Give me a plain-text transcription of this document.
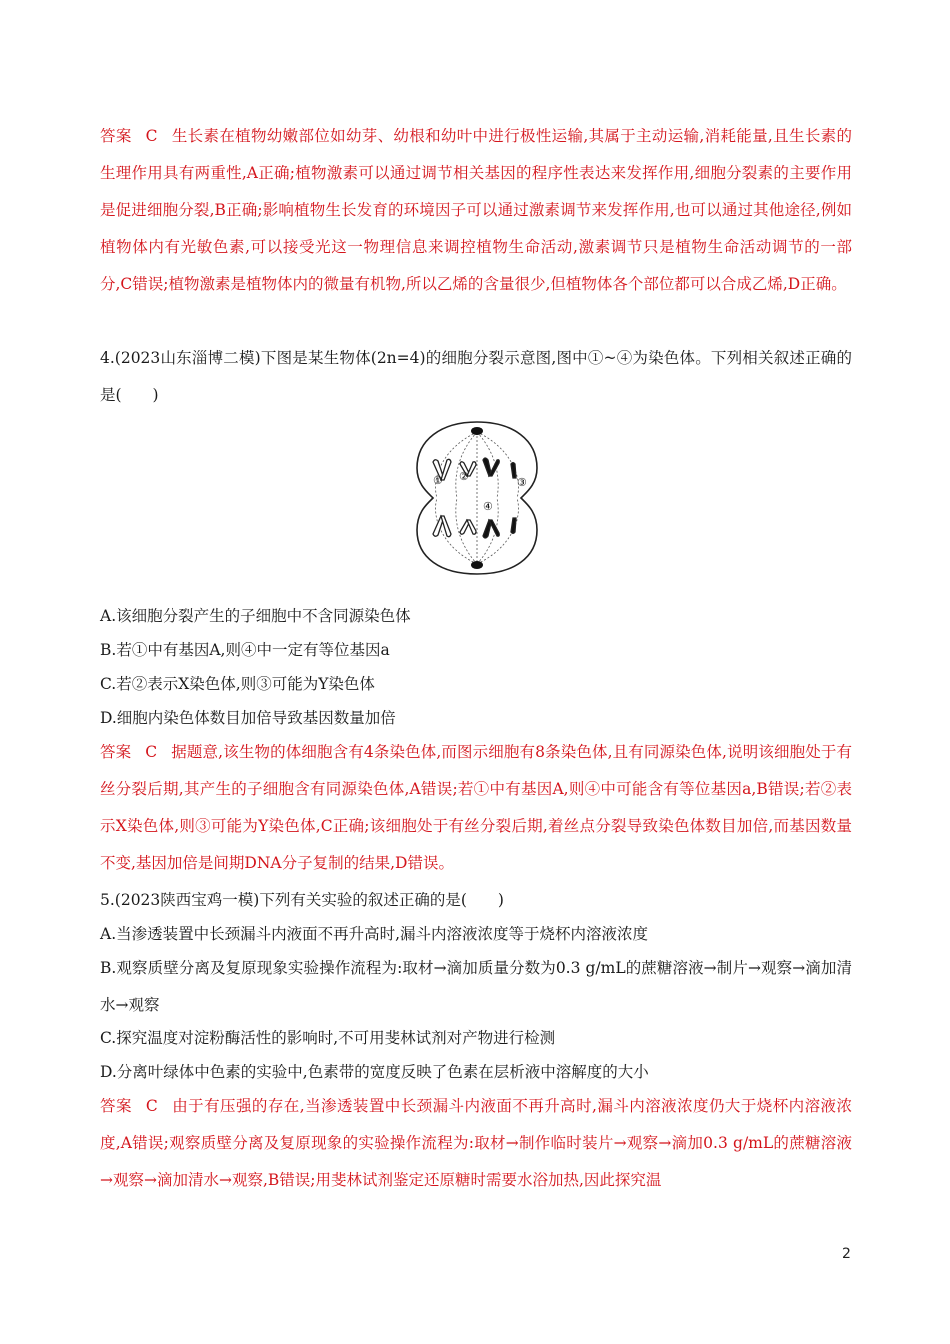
答案 C 生长素在植物幼嫩部位如幼芽、幼根和幼叶中进行极性运输,其属于主动运输,消耗能量,且生长素的生理作用具有两重性,A正确;植物激素可以通过调节相关基因的程序性表达来发挥作用,细胞分裂素的主要作用是促进细胞分裂,B正确;影响植物生长发育的环境因子可以通过激素调节来发挥作用,也可以通过其他途径,例如植物体内有光敏色素,可以接受光这一物理信息来调控植物生命活动,激素调节只是植物生命活动调节的一部分,C错误;植物激素是植物体内的微量有机物,所以乙烯的含量很少,但植物体各个部位都可以合成乙烯,D正确。

4.(2023山东淄博二模)下图是某生物体(2n=4)的细胞分裂示意图,图中①~④为染色体。下列相关叙述正确的是(　　)

① ②	③
④

A.该细胞分裂产生的子细胞中不含同源染色体

B.若①中有基因A,则④中一定有等位基因a

C.若②表示X染色体,则③可能为Y染色体

D.细胞内染色体数目加倍导致基因数量加倍

答案 C 据题意,该生物的体细胞含有4条染色体,而图示细胞有8条染色体,且有同源染色体,说明该细胞处于有丝分裂后期,其产生的子细胞含有同源染色体,A错误;若①中有基因A,则④中可能含有等位基因a,B错误;若②表示X染色体,则③可能为Y染色体,C正确;该细胞处于有丝分裂后期,着丝点分裂导致染色体数目加倍,而基因数量不变,基因加倍是间期DNA分子复制的结果,D错误。

5.(2023陕西宝鸡一模)下列有关实验的叙述正确的是(　　)

A.当渗透装置中长颈漏斗内液面不再升高时,漏斗内溶液浓度等于烧杯内溶液浓度

B.观察质壁分离及复原现象实验操作流程为:取材→滴加质量分数为0.3 g/mL的蔗糖溶液→制片→观察→滴加清水→观察

C.探究温度对淀粉酶活性的影响时,不可用斐林试剂对产物进行检测

D.分离叶绿体中色素的实验中,色素带的宽度反映了色素在层析液中溶解度的大小

答案 C 由于有压强的存在,当渗透装置中长颈漏斗内液面不再升高时,漏斗内溶液浓度仍大于烧杯内溶液浓度,A错误;观察质壁分离及复原现象的实验操作流程为:取材→制作临时装片→观察→滴加0.3 g/mL的蔗糖溶液→观察→滴加清水→观察,B错误;用斐林试剂鉴定还原糖时需要水浴加热,因此探究温

2
